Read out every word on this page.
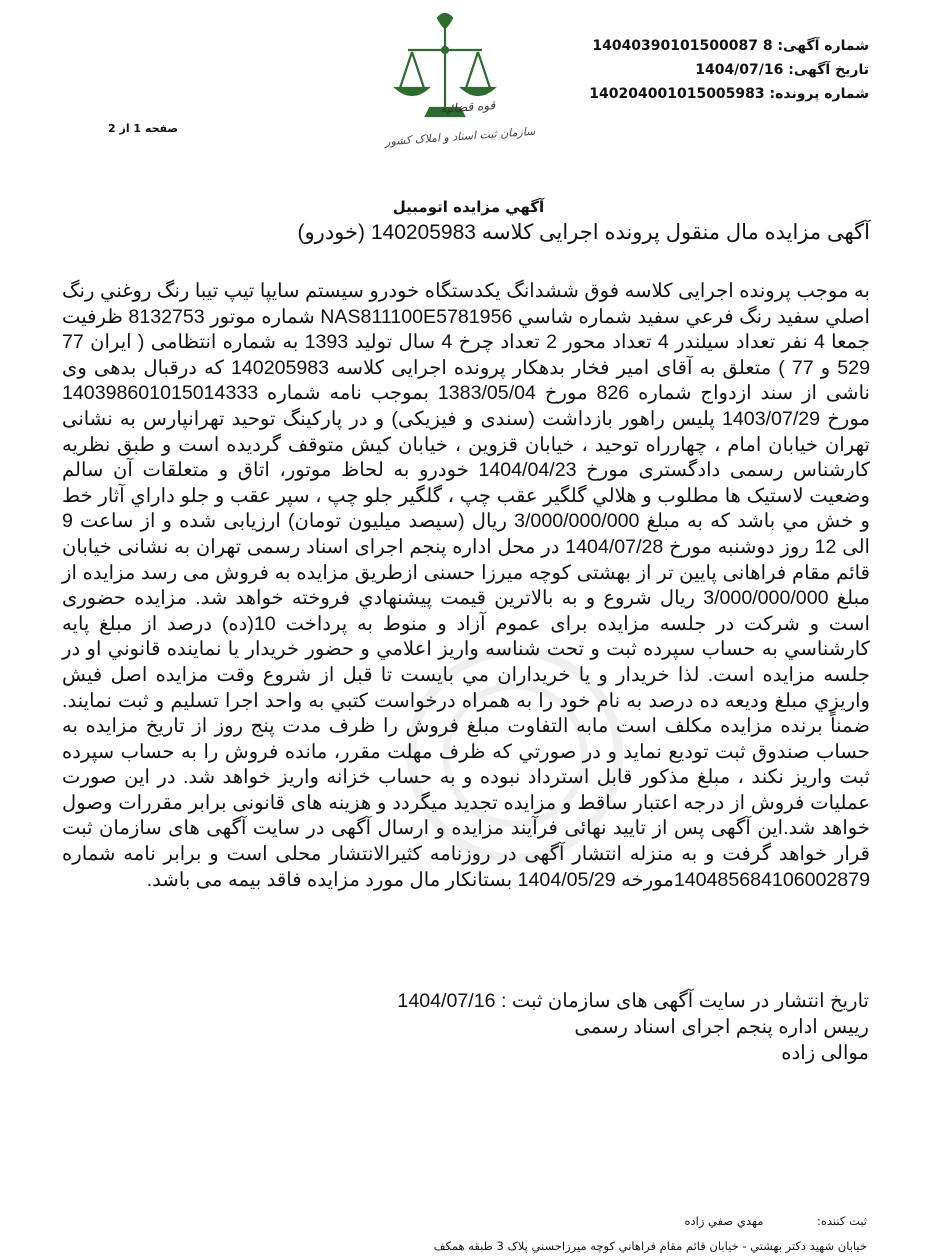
شماره آگهی: 14040390101500087 8
تاریخ آگهی: 1404/07/16
شماره پرونده: 140204001015005983
قوه قضائیه
سازمان ثبت اسناد و املاک کشور
صفحه 1 از 2
آگهي مزايده اتومبيل
آگهی مزایده مال منقول پرونده اجرایی کلاسه 140205983 (خودرو)
به موجب پرونده اجرایی کلاسه فوق ششدانگ یکدستگاه خودرو سیستم سایپا تیپ تیبا رنگ روغني رنگ اصلي سفيد رنگ فرعي سفيد شماره شاسي NAS811100E5781956 شماره موتور 8132753 ظرفيت جمعا 4 نفر تعداد سیلندر 4 تعداد محور 2 تعداد چرخ 4 سال تولید 1393 به شماره انتظامی ( ایران 77 529 و 77 ) متعلق به آقای امیر فخار بدهکار پرونده اجرایی کلاسه 140205983 که درقبال بدهی وی ناشی از سند ازدواج شماره 826 مورخ 1383/05/04 بموجب نامه شماره 140398601015014333 مورخ 1403/07/29 پلیس راهور بازداشت (سندی و فیزیکی) و در پارکینگ توحید تهرانپارس به نشانی تهران خیابان امام ، چهارراه توحید ، خیابان قزوین ، خیابان کیش متوقف گردیده است و طبق نظریه کارشناس رسمی دادگستری مورخ 1404/04/23 خودرو به لحاظ موتور، اتاق و متعلقات آن سالم وضعیت لاستیک ها مطلوب و هلالي گلگیر عقب چپ ، گلگیر جلو چپ ، سپر عقب و جلو داراي آثار خط و خش مي باشد که به مبلغ 3/000/000/000 ريال (سیصد میلیون تومان) ارزيابی شده و از ساعت 9 الی 12 روز دوشنبه مورخ 1404/07/28 در محل اداره پنجم اجرای اسناد رسمی تهران به نشانی خیابان قائم مقام فراهانی پایین تر از بهشتی کوچه میرزا حسنی ازطریق مزایده به فروش می رسد مزایده از مبلغ 3/000/000/000 ریال شروع و به بالاترين قيمت پيشنهادي فروخته خواهد شد. مزایده حضوری است و شرکت در جلسه مزایده برای عموم آزاد و منوط به پرداخت 10(ده) درصد از مبلغ پايه کارشناسي به حساب سپرده ثبت و تحت شناسه واريز اعلامي و حضور خريدار يا نماينده قانوني او در جلسه مزايده است. لذا خريدار و يا خريداران مي بايست تا قبل از شروع وقت مزايده اصل فيش واريزي مبلغ وديعه ده درصد به نام خود را به همراه درخواست کتبي به واحد اجرا تسليم و ثبت نمايند. ضمناً برنده مزایده مکلف است مابه التفاوت مبلغ فروش را ظرف مدت پنج روز از تاريخ مزايده به حساب صندوق ثبت توديع نمايد و در صورتي که ظرف مهلت مقرر، مانده فروش را به حساب سپرده ثبت واريز نکند ، مبلغ مذکور قابل استرداد نبوده و به حساب خزانه واريز خواهد شد. در این صورت عملیات فروش از درجه اعتبار ساقط و مزایده تجدید میگردد و هزینه های قانونی برابر مقررات وصول خواهد شد.این آگهی پس از تایید نهائی فرآیند مزایده و ارسال آگهی در سایت آگهی های سازمان ثبت قرار خواهد گرفت و به منزله انتشار آگهی در روزنامه کثیرالانتشار محلی است و برابر نامه شماره 140485684106002879مورخه 1404/05/29 بستانکار مال مورد مزایده فاقد بیمه می باشد.
تاریخ انتشار در سایت آگهی های سازمان ثبت : 1404/07/16
رییس اداره پنجم اجرای اسناد رسمی
موالی زاده
ثبت کننده: مهدي صفي زاده
خيابان شهيد دکتر بهشتي - خيابان قائم مقام فراهاني کوچه ميرزاحسني پلاک 3 طبقه همکف
